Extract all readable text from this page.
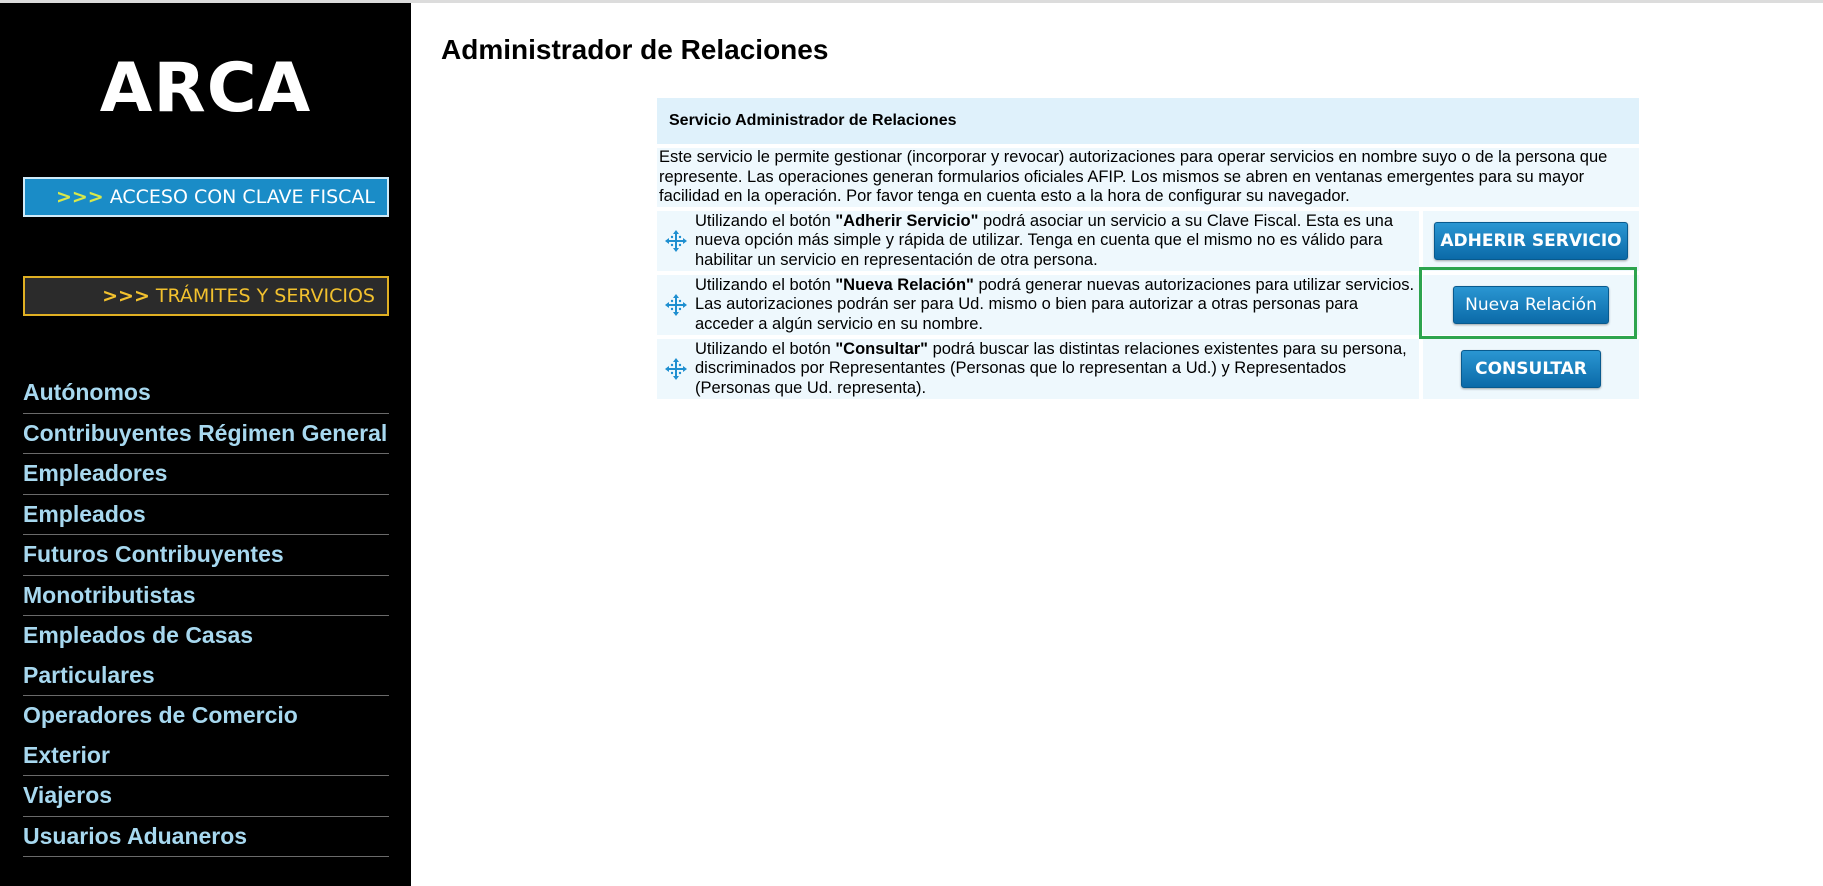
ARCA
>>> ACCESO CON CLAVE FISCAL
>>> TRÁMITES Y SERVICIOS
Autónomos
Contribuyentes Régimen General
Empleadores
Empleados
Futuros Contribuyentes
Monotributistas
Empleados de Casas Particulares
Operadores de Comercio Exterior
Viajeros
Usuarios Aduaneros
Administrador de Relaciones
Servicio Administrador de Relaciones
Este servicio le permite gestionar (incorporar y revocar) autorizaciones para operar servicios en nombre suyo o de la persona que represente. Las operaciones generan formularios oficiales AFIP. Los mismos se abren en ventanas emergentes para su mayor facilidad en la operación. Por favor tenga en cuenta esto a la hora de configurar su navegador.
Utilizando el botón "Adherir Servicio" podrá asociar un servicio a su Clave Fiscal. Esta es una nueva opción más simple y rápida de utilizar. Tenga en cuenta que el mismo no es válido para habilitar un servicio en representación de otra persona.
ADHERIR SERVICIO
Utilizando el botón "Nueva Relación" podrá generar nuevas autorizaciones para utilizar servicios. Las autorizaciones podrán ser para Ud. mismo o bien para autorizar a otras personas para acceder a algún servicio en su nombre.
Nueva Relación
Utilizando el botón "Consultar" podrá buscar las distintas relaciones existentes para su persona, discriminados por Representantes (Personas que lo representan a Ud.) y Representados (Personas que Ud. representa).
CONSULTAR
